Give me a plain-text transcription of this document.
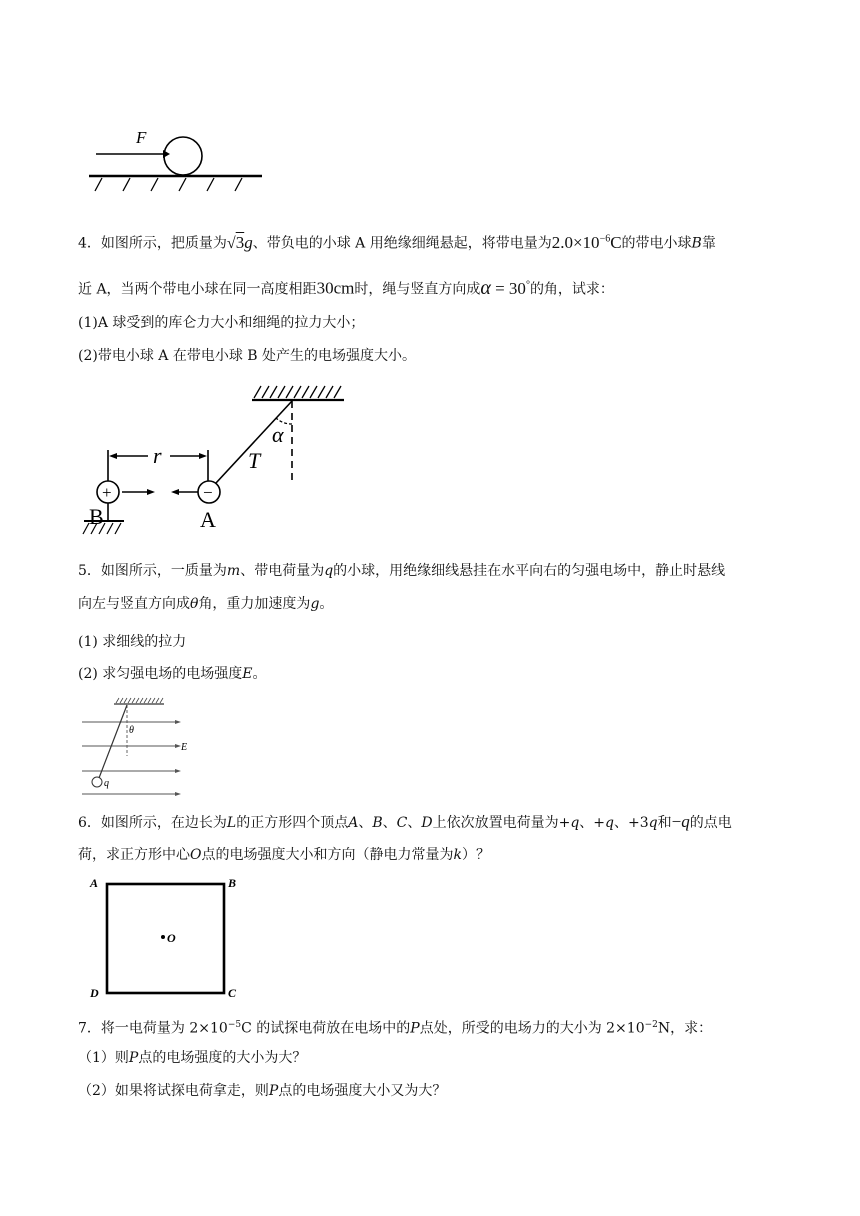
F
4．如图所示，把质量为√3g、带负电的小球 A 用绝缘细绳悬起，将带电量为$2.0\times 10^{-6}C$的带电小球B靠
近 A，当两个带电小球在同一高度相距30cm时，绳与竖直方向成α = 30°的角，试求：
(1)A 球受到的库仑力大小和细绳的拉力大小；
(2)带电小球 A 在带电小球 B 处产生的电场强度大小。
α
T
r
+
B
−
A
5．如图所示，一质量为m、带电荷量为q的小球，用绝缘细线悬挂在水平向右的匀强电场中，静止时悬线
向左与竖直方向成θ角，重力加速度为g。
(1) 求细线的拉力
(2) 求匀强电场的电场强度E。
θ
E
q
6．如图所示，在边长为L的正方形四个顶点A、B、C、D上依次放置电荷量为+q、+q、+3q和−q的点电
荷，求正方形中心O点的电场强度大小和方向（静电力常量为k）？
A	B
C
D
O
7．将一电荷量为 $2\times 10^{-5}C$ 的试探电荷放在电场中的P点处，所受的电场力的大小为 $2\times 10^{-2}N$，求：
（1）则P点的电场强度的大小为大？
（2）如果将试探电荷拿走，则P点的电场强度大小又为大？
